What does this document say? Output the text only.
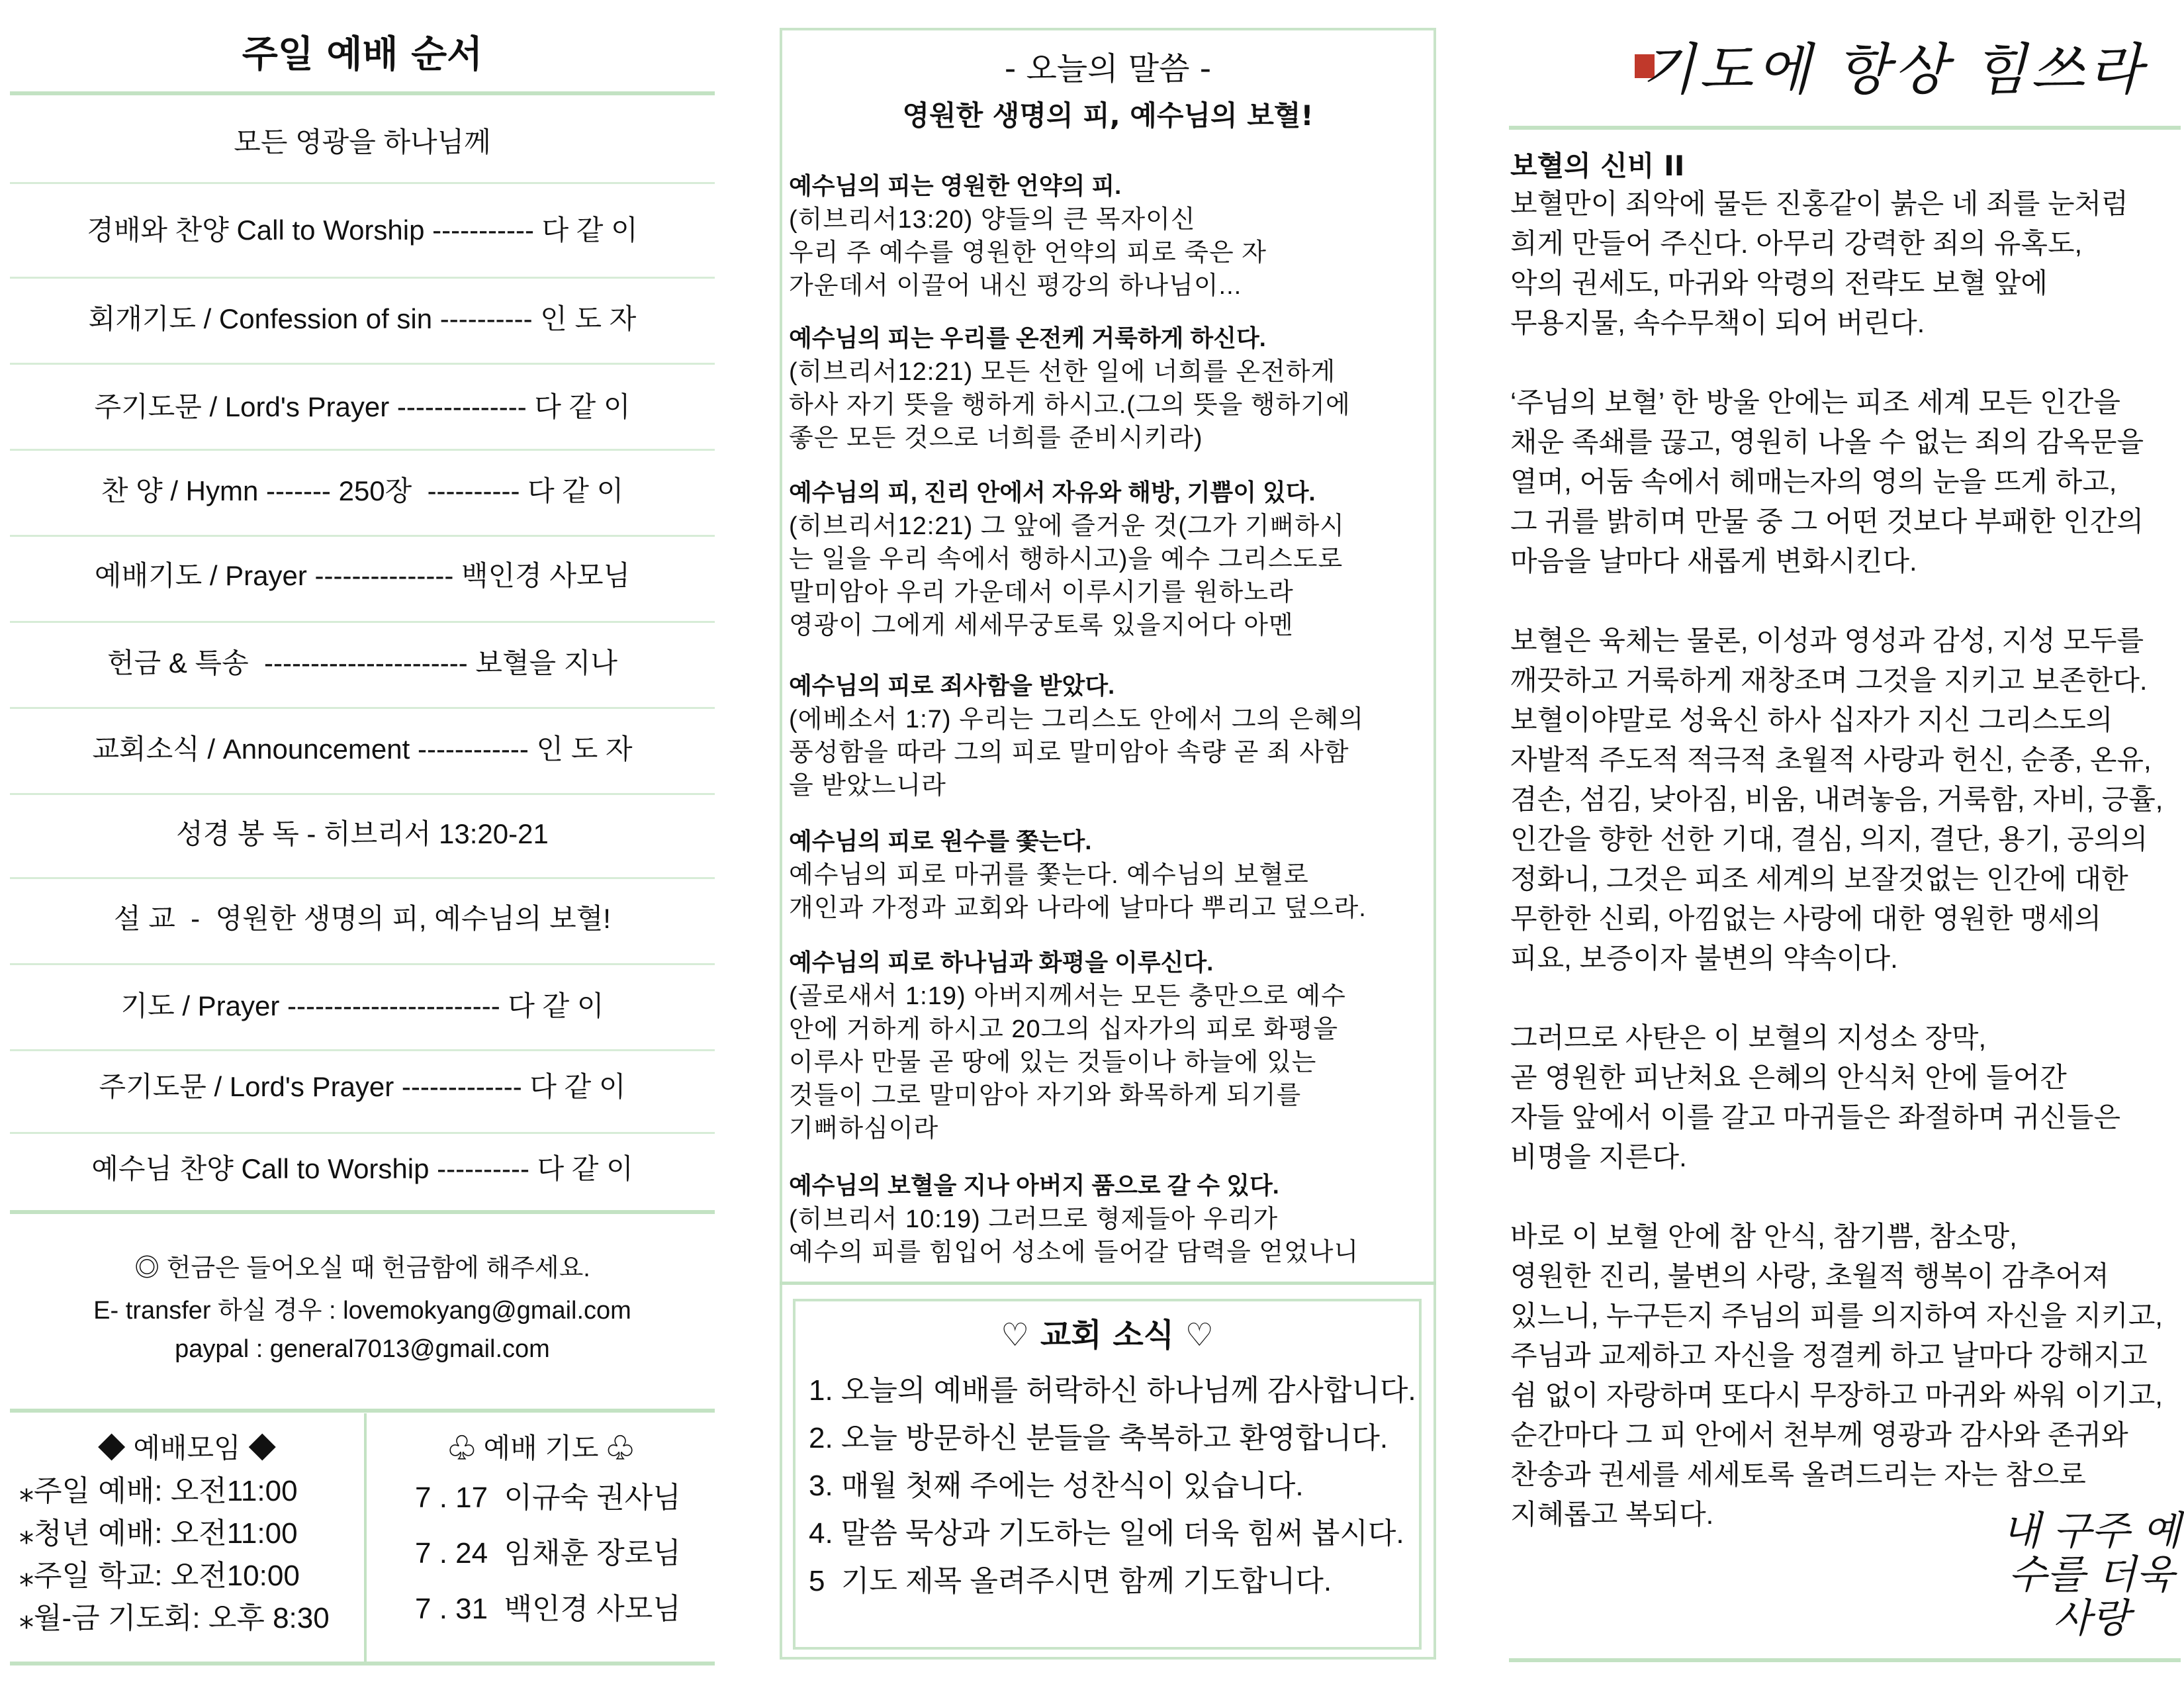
주일 예배 순서
모든 영광을 하나님께
경배와 찬양 Call to Worship ----------- 다 같 이
회개기도 / Confession of sin ---------- 인 도 자
주기도문 / Lord's Prayer -------------- 다 같 이
찬 양 / Hymn ------- 250장  ---------- 다 같 이
예배기도 / Prayer --------------- 백인경 사모님
헌금 & 특송  ---------------------- 보혈을 지나
교회소식 / Announcement ------------ 인 도 자
성경 봉 독 - 히브리서 13:20-21
설 교  -  영원한 생명의 피, 예수님의 보혈!
기도 / Prayer ----------------------- 다 같 이
주기도문 / Lord's Prayer ------------- 다 같 이
예수님 찬양 Call to Worship ---------- 다 같 이
◎ 헌금은 들어오실 때 헌금함에 해주세요.
E- transfer 하실 경우 : lovemokyang@gmail.com
paypal : general7013@gmail.com
◆ 예배모임 ◆
⁎주일 예배: 오전11:00
⁎청년 예배: 오전11:00
⁎주일 학교: 오전10:00
⁎월-금 기도회: 오후 8:30
♧ 예배 기도 ♧
7 . 17  이규숙 권사님
7 . 24  임채훈 장로님
7 . 31  백인경 사모님
- 오늘의 말씀 -
영원한 생명의 피, 예수님의 보혈!
예수님의 피는 영원한 언약의 피.
(히브리서13:20) 양들의 큰 목자이신
우리 주 예수를 영원한 언약의 피로 죽은 자
가운데서 이끌어 내신 평강의 하나님이...
예수님의 피는 우리를 온전케 거룩하게 하신다.
(히브리서12:21) 모든 선한 일에 너희를 온전하게
하사 자기 뜻을 행하게 하시고.(그의 뜻을 행하기에
좋은 모든 것으로 너희를 준비시키라)
예수님의 피, 진리 안에서 자유와 해방, 기쁨이 있다.
(히브리서12:21) 그 앞에 즐거운 것(그가 기뻐하시
는 일을 우리 속에서 행하시고)을 예수 그리스도로
말미암아 우리 가운데서 이루시기를 원하노라
영광이 그에게 세세무궁토록 있을지어다 아멘
예수님의 피로 죄사함을 받았다.
(에베소서 1:7) 우리는 그리스도 안에서 그의 은혜의
풍성함을 따라 그의 피로 말미암아 속량 곧 죄 사함
을 받았느니라
예수님의 피로 원수를 쫓는다.
예수님의 피로 마귀를 쫓는다. 예수님의 보혈로
개인과 가정과 교회와 나라에 날마다 뿌리고 덮으라.
예수님의 피로 하나님과 화평을 이루신다.
(골로새서 1:19) 아버지께서는 모든 충만으로 예수
안에 거하게 하시고 20그의 십자가의 피로 화평을
이루사 만물 곧 땅에 있는 것들이나 하늘에 있는
것들이 그로 말미암아 자기와 화목하게 되기를
기뻐하심이라
예수님의 보혈을 지나 아버지 품으로 갈 수 있다.
(히브리서 10:19) 그러므로 형제들아 우리가
예수의 피를 힘입어 성소에 들어갈 담력을 얻었나니
♡ 교회 소식 ♡
1. 오늘의 예배를 허락하신 하나님께 감사합니다.
2. 오늘 방문하신 분들을 축복하고 환영합니다.
3. 매월 첫째 주에는 성찬식이 있습니다.
4. 말씀 묵상과 기도하는 일에 더욱 힘써 봅시다.
5  기도 제목 올려주시면 함께 기도합니다.
기도에 항상 힘쓰라
보혈의 신비 II
보혈만이 죄악에 물든 진홍같이 붉은 네 죄를 눈처럼
희게 만들어 주신다. 아무리 강력한 죄의 유혹도,
악의 권세도, 마귀와 악령의 전략도 보혈 앞에
무용지물, 속수무책이 되어 버린다.

‘주님의 보혈’ 한 방울 안에는 피조 세계 모든 인간을
채운 족쇄를 끊고, 영원히 나올 수 없는 죄의 감옥문을
열며, 어둠 속에서 헤매는자의 영의 눈을 뜨게 하고,
그 귀를 밝히며 만물 중 그 어떤 것보다 부패한 인간의
마음을 날마다 새롭게 변화시킨다.

보혈은 육체는 물론, 이성과 영성과 감성, 지성 모두를
깨끗하고 거룩하게 재창조며 그것을 지키고 보존한다.
보혈이야말로 성육신 하사 십자가 지신 그리스도의
자발적 주도적 적극적 초월적 사랑과 헌신, 순종, 온유,
겸손, 섬김, 낮아짐, 비움, 내려놓음, 거룩함, 자비, 긍휼,
인간을 향한 선한 기대, 결심, 의지, 결단, 용기, 공의의
정화니, 그것은 피조 세계의 보잘것없는 인간에 대한
무한한 신뢰, 아낌없는 사랑에 대한 영원한 맹세의
피요, 보증이자 불변의 약속이다.

그러므로 사탄은 이 보혈의 지성소 장막,
곧 영원한 피난처요 은혜의 안식처 안에 들어간
자들 앞에서 이를 갈고 마귀들은 좌절하며 귀신들은
비명을 지른다.

바로 이 보혈 안에 참 안식, 참기쁨, 참소망,
영원한 진리, 불변의 사랑, 초월적 행복이 감추어져
있느니, 누구든지 주님의 피를 의지하여 자신을 지키고,
주님과 교제하고 자신을 정결케 하고 날마다 강해지고
쉼 없이 자랑하며 또다시 무장하고 마귀와 싸워 이기고,
순간마다 그 피 안에서 천부께 영광과 감사와 존귀와
찬송과 권세를 세세토록 올려드리는 자는 참으로
지혜롭고 복되다.	내 구주 예수를 더욱 사랑
